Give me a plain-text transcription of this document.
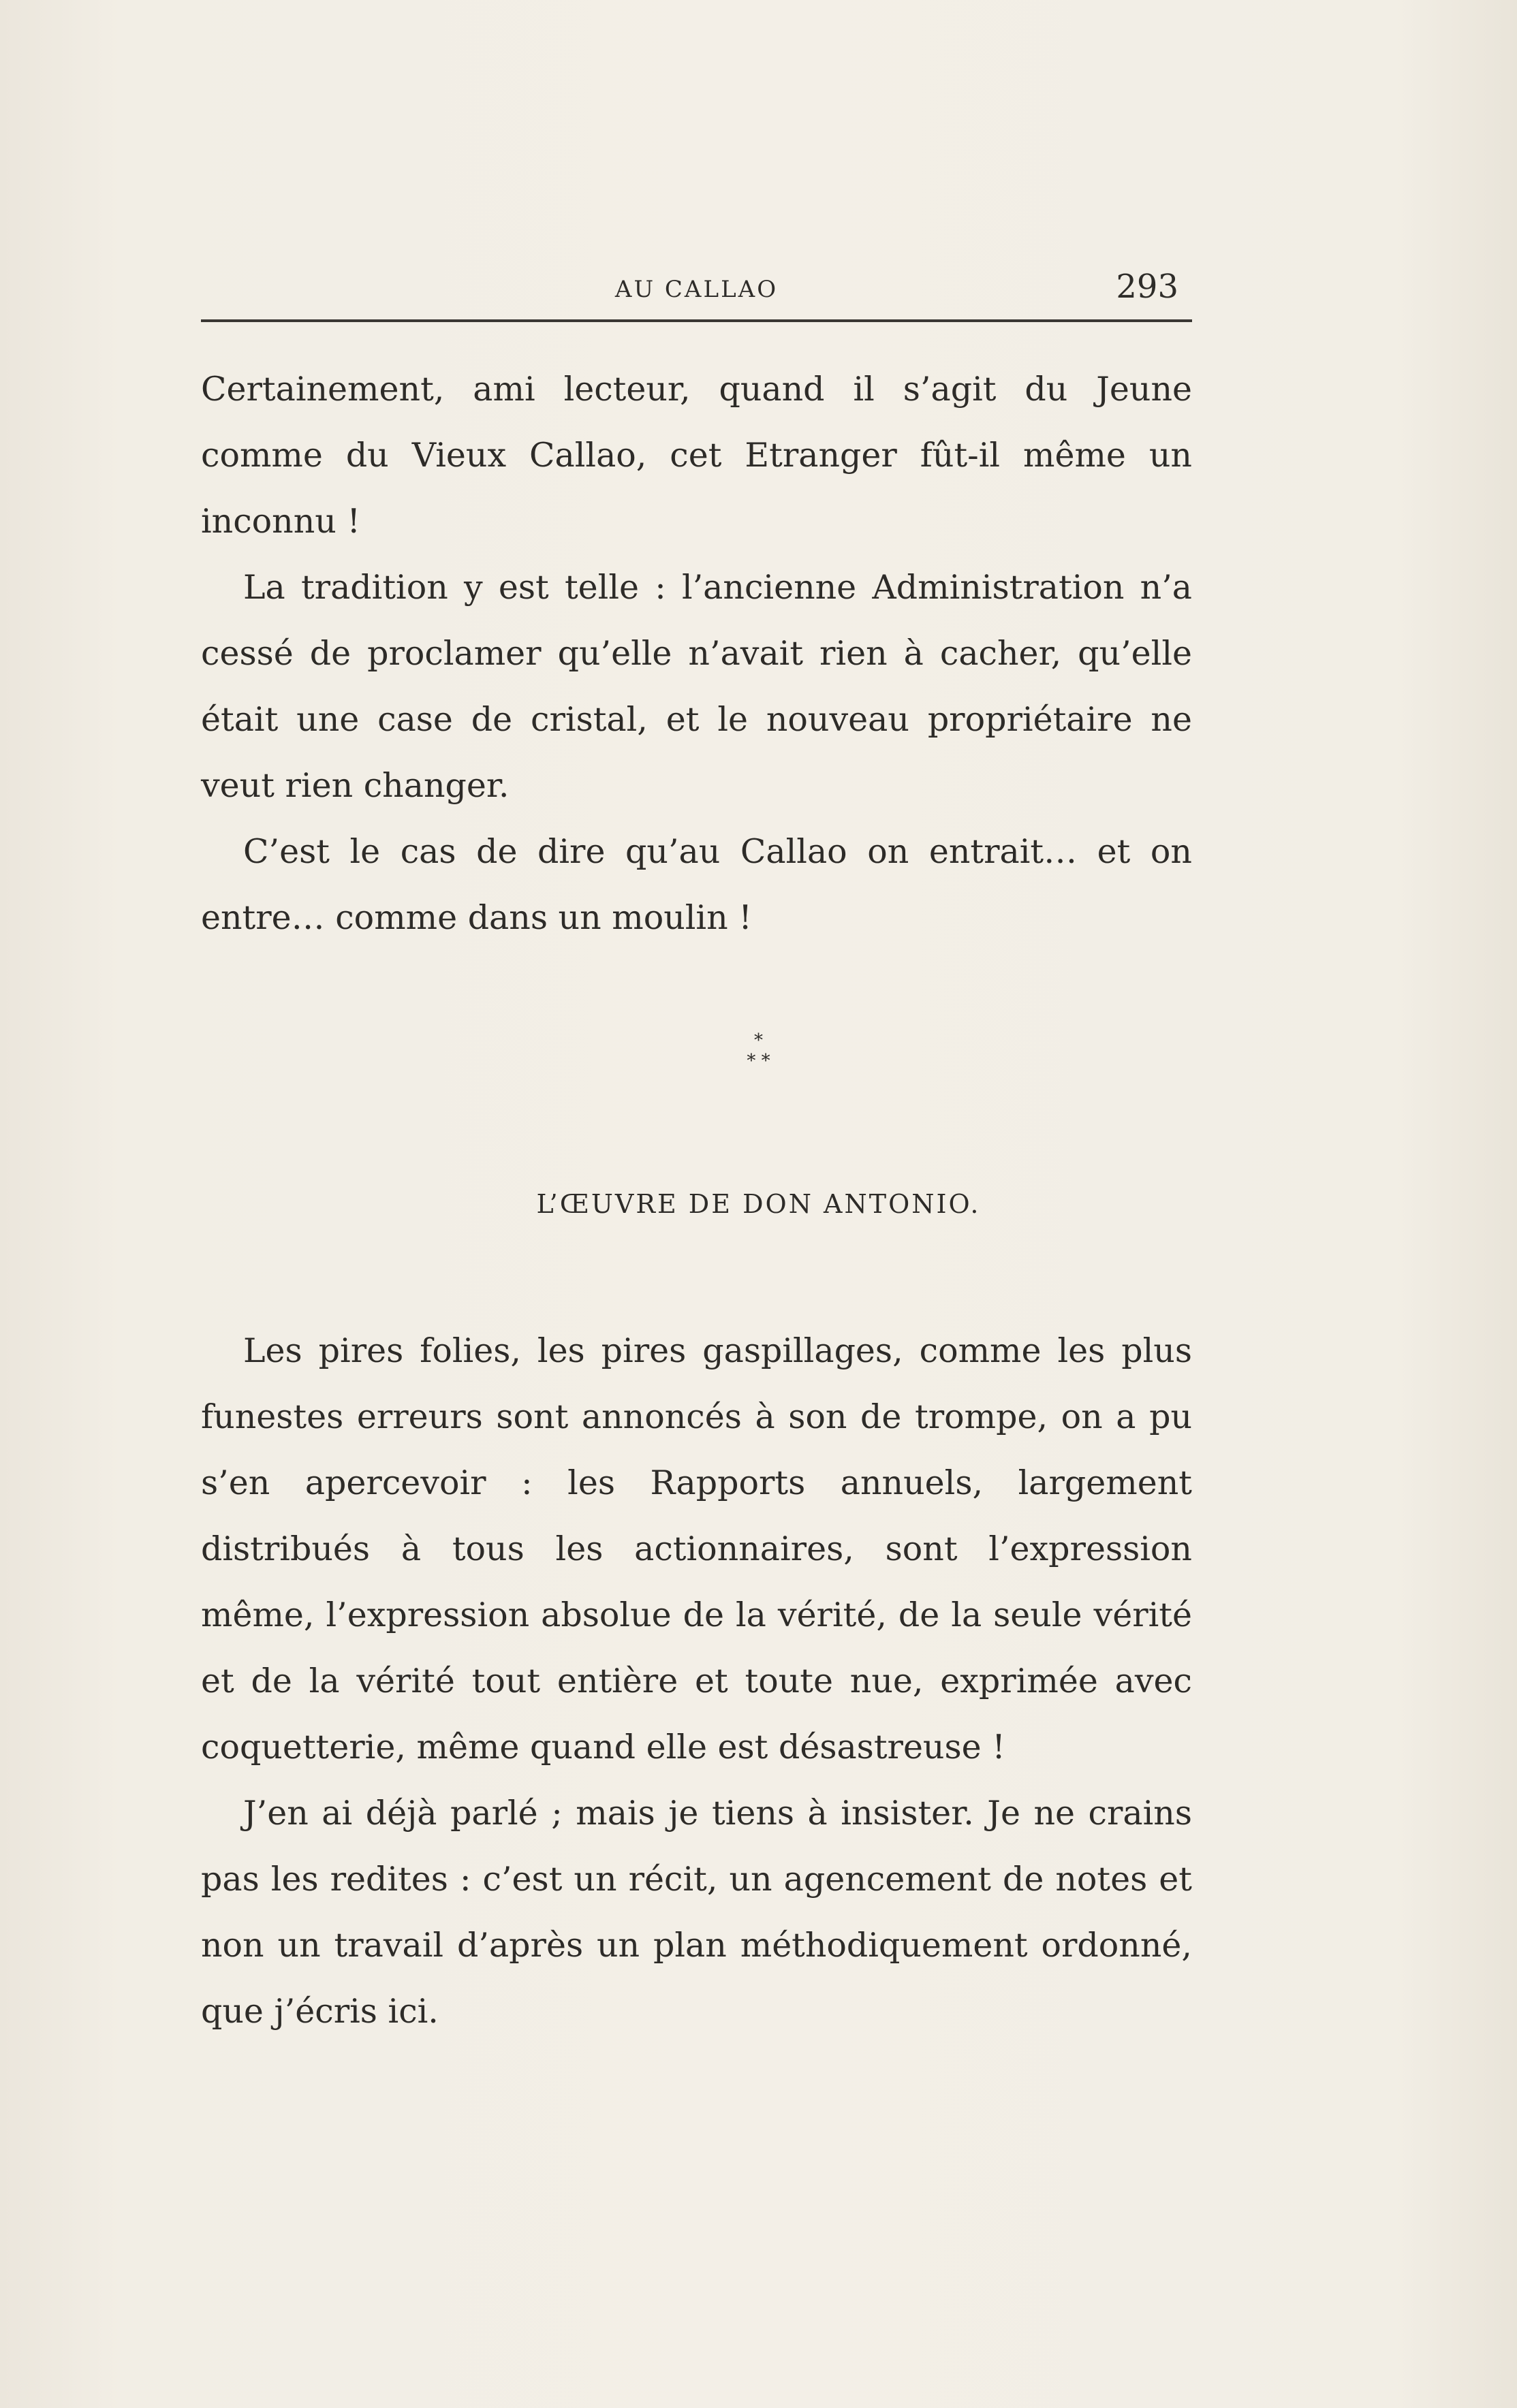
AU CALLAO	293

Certainement, ami lecteur, quand il s’agit du Jeune comme du Vieux Callao, cet Etranger fût-il même un inconnu !

La tradition y est telle : l’ancienne Administration n’a cessé de proclamer qu’elle n’avait rien à cacher, qu’elle était une case de cristal, et le nouveau propriétaire ne veut rien changer.

C’est le cas de dire qu’au Callao on entrait… et on entre… comme dans un moulin !

*
* *
L’ŒUVRE DE DON ANTONIO.

Les pires folies, les pires gaspillages, comme les plus funestes erreurs sont annoncés à son de trompe, on a pu s’en apercevoir : les Rapports annuels, largement distribués à tous les actionnaires, sont l’expression même, l’expression absolue de la vérité, de la seule vérité et de la vérité tout entière et toute nue, exprimée avec coquetterie, même quand elle est désastreuse !

J’en ai déjà parlé ; mais je tiens à insister. Je ne crains pas les redites : c’est un récit, un agencement de notes et non un travail d’après un plan méthodiquement ordonné, que j’écris ici.
